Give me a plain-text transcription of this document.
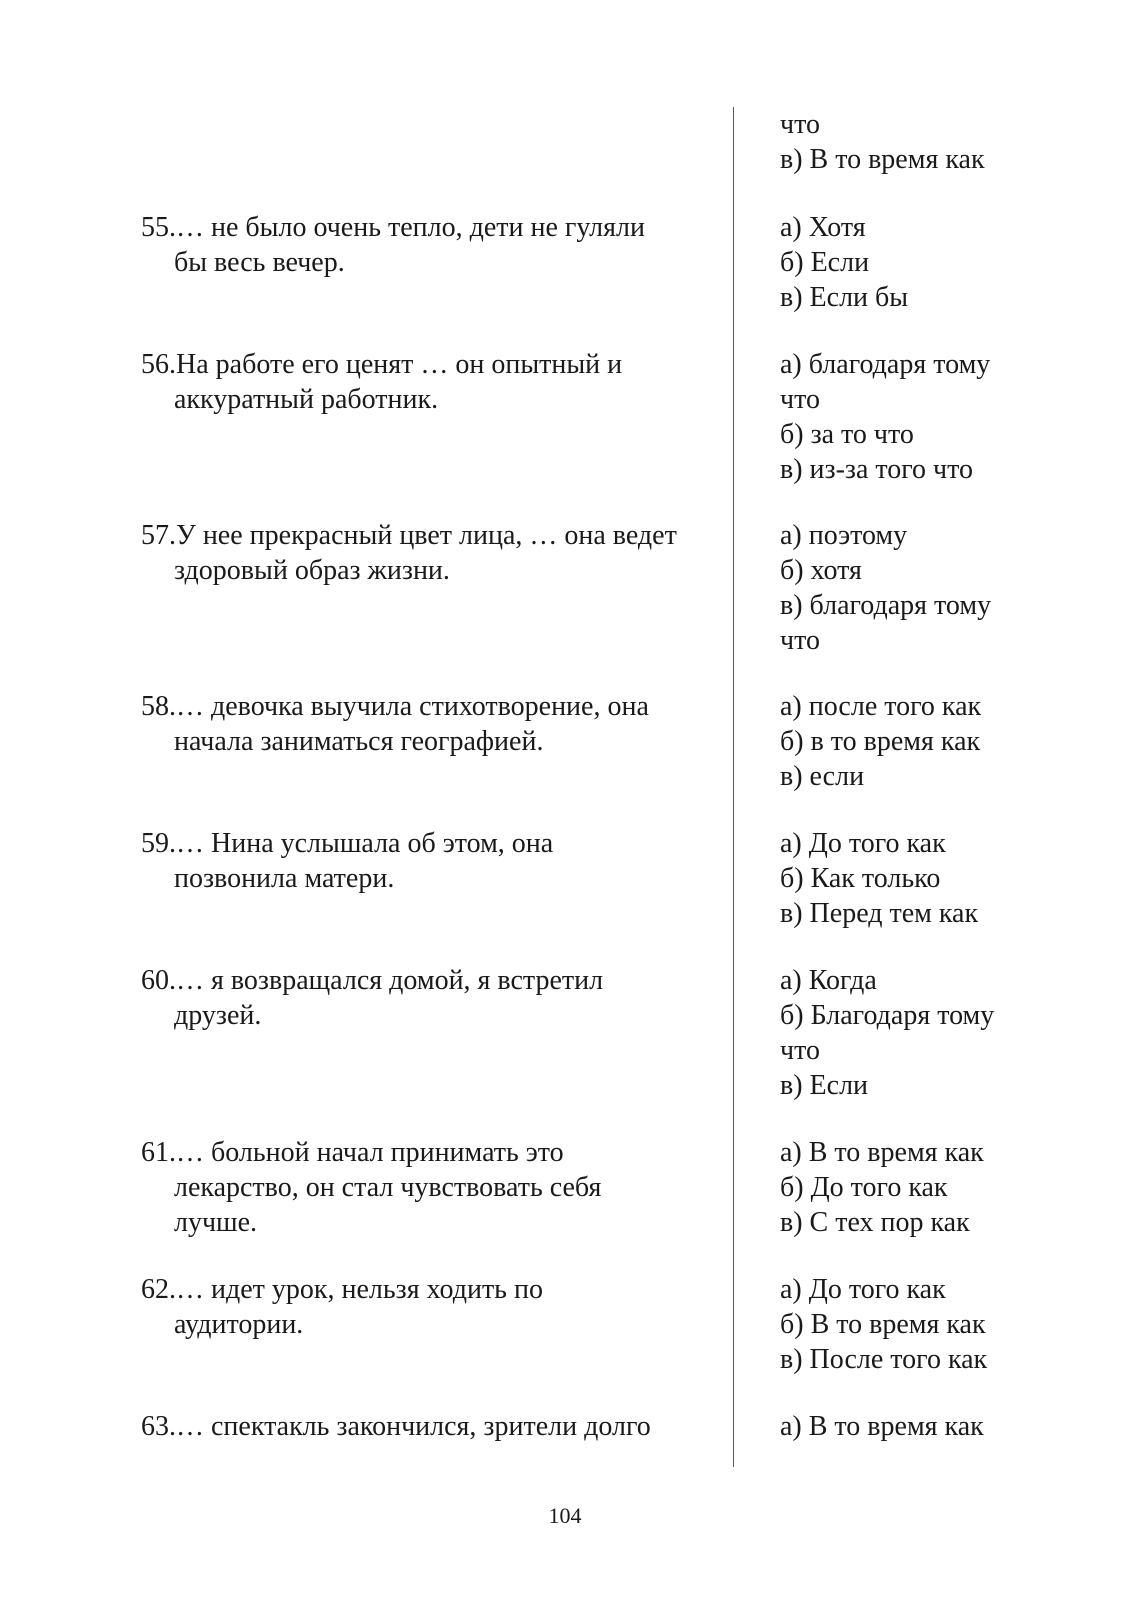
что
в) В то время как
55.… не было очень тепло, дети не гуляли
бы весь вечер.
а) Хотя
б) Если
в) Если бы
56.На работе его ценят … он опытный и
аккуратный работник.
а) благодаря тому
что
б) за то что
в) из-за того что
57.У нее прекрасный цвет лица, … она ведет
здоровый образ жизни.
а) поэтому
б) хотя
в) благодаря тому
что
58.… девочка выучила стихотворение, она
начала заниматься географией.
а) после того как
б) в то время как
в) если
59.… Нина услышала об этом, она
позвонила матери.
а) До того как
б) Как только
в) Перед тем как
60.… я возвращался домой, я встретил
друзей.
а) Когда
б) Благодаря тому
что
в) Если
61.… больной начал принимать это
лекарство, он стал чувствовать себя
лучше.
а) В то время как
б) До того как
в) С тех пор как
62.… идет урок, нельзя ходить по
аудитории.
а) До того как
б) В то время как
в) После того как
63.… спектакль закончился, зрители долго	а) В то время как
104
